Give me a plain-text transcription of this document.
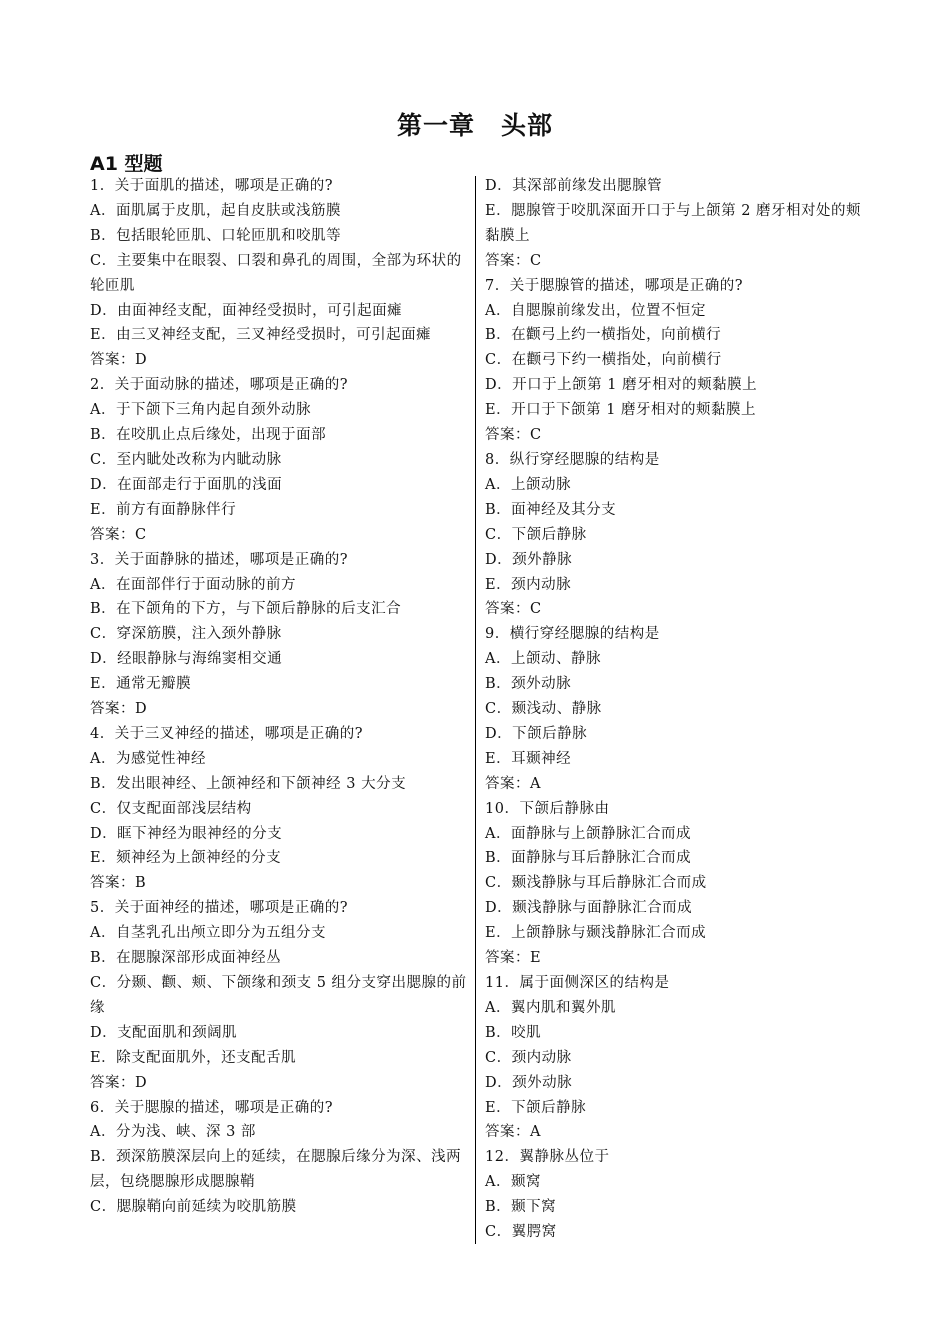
第一章　头部
A1 型题
1．关于面肌的描述，哪项是正确的?
A．面肌属于皮肌，起自皮肤或浅筋膜
B．包括眼轮匝肌、口轮匝肌和咬肌等
C．主要集中在眼裂、口裂和鼻孔的周围，全部为环状的轮匝肌
D．由面神经支配，面神经受损时，可引起面瘫
E．由三叉神经支配，三叉神经受损时，可引起面瘫
答案：D
2．关于面动脉的描述，哪项是正确的?
A．于下颌下三角内起自颈外动脉
B．在咬肌止点后缘处，出现于面部
C．至内眦处改称为内眦动脉
D．在面部走行于面肌的浅面
E．前方有面静脉伴行
答案：C
3．关于面静脉的描述，哪项是正确的?
A．在面部伴行于面动脉的前方
B．在下颌角的下方，与下颌后静脉的后支汇合
C．穿深筋膜，注入颈外静脉
D．经眼静脉与海绵窦相交通
E．通常无瓣膜
答案：D
4．关于三叉神经的描述，哪项是正确的?
A．为感觉性神经
B．发出眼神经、上颌神经和下颌神经 3 大分支
C．仅支配面部浅层结构
D．眶下神经为眼神经的分支
E．颏神经为上颌神经的分支
答案：B
5．关于面神经的描述，哪项是正确的?
A．自茎乳孔出颅立即分为五组分支
B．在腮腺深部形成面神经丛
C．分颞、颧、颊、下颌缘和颈支 5 组分支穿出腮腺的前缘
D．支配面肌和颈阔肌
E．除支配面肌外，还支配舌肌
答案：D
6．关于腮腺的描述，哪项是正确的?
A．分为浅、峡、深 3 部
B．颈深筋膜深层向上的延续，在腮腺后缘分为深、浅两层，包绕腮腺形成腮腺鞘
C．腮腺鞘向前延续为咬肌筋膜
D．其深部前缘发出腮腺管
E．腮腺管于咬肌深面开口于与上颌第 2 磨牙相对处的颊黏膜上
答案：C
7．关于腮腺管的描述，哪项是正确的?
A．自腮腺前缘发出，位置不恒定
B．在颧弓上约一横指处，向前横行
C．在颧弓下约一横指处，向前横行
D．开口于上颌第 1 磨牙相对的颊黏膜上
E．开口于下颌第 1 磨牙相对的颊黏膜上
答案：C
8．纵行穿经腮腺的结构是
A．上颌动脉
B．面神经及其分支
C．下颌后静脉
D．颈外静脉
E．颈内动脉
答案：C
9．横行穿经腮腺的结构是
A．上颌动、静脉
B．颈外动脉
C．颞浅动、静脉
D．下颌后静脉
E．耳颞神经
答案：A
10．下颌后静脉由
A．面静脉与上颌静脉汇合而成
B．面静脉与耳后静脉汇合而成
C．颞浅静脉与耳后静脉汇合而成
D．颞浅静脉与面静脉汇合而成
E．上颌静脉与颞浅静脉汇合而成
答案：E
11．属于面侧深区的结构是
A．翼内肌和翼外肌
B．咬肌
C．颈内动脉
D．颈外动脉
E．下颌后静脉
答案：A
12．翼静脉丛位于
A．颞窝
B．颞下窝
C．翼腭窝
